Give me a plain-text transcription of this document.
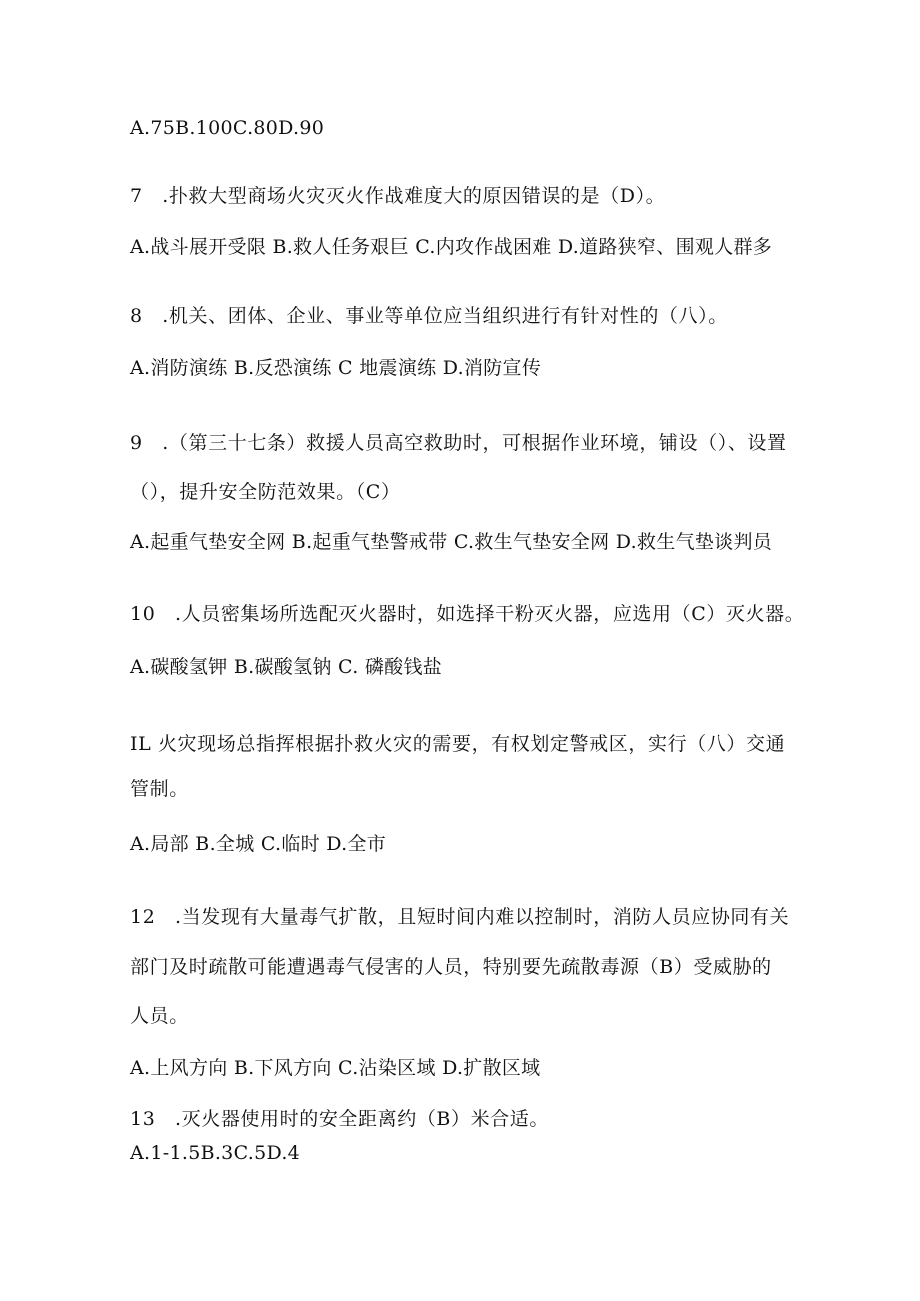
A.75B.100C.80D.90
7　.扑救大型商场火灾灭火作战难度大的原因错误的是（D）。
A.战斗展开受限 B.救人任务艰巨 C.内攻作战困难 D.道路狭窄、围观人群多
8　.机关、团体、企业、事业等单位应当组织进行有针对性的（八）。
A.消防演练 B.反恐演练 C 地震演练 D.消防宣传
9　.（第三十七条）救援人员高空救助时，可根据作业环境，铺设（）、设置
（），提升安全防范效果。（C）
A.起重气垫安全网 B.起重气垫警戒带 C.救生气垫安全网 D.救生气垫谈判员
10　.人员密集场所选配灭火器时，如选择干粉灭火器，应选用（C）灭火器。
A.碳酸氢钾 B.碳酸氢钠 C. 磷酸钱盐
IL 火灾现场总指挥根据扑救火灾的需要，有权划定警戒区，实行（八）交通
管制。
A.局部 B.全城 C.临时 D.全市
12　.当发现有大量毒气扩散，且短时间内难以控制时，消防人员应协同有关
部门及时疏散可能遭遇毒气侵害的人员，特别要先疏散毒源（B）受威胁的
人员。
A.上风方向 B.下风方向 C.沾染区域 D.扩散区域
13　.灭火器使用时的安全距离约（B）米合适。
A.1-1.5B.3C.5D.4
